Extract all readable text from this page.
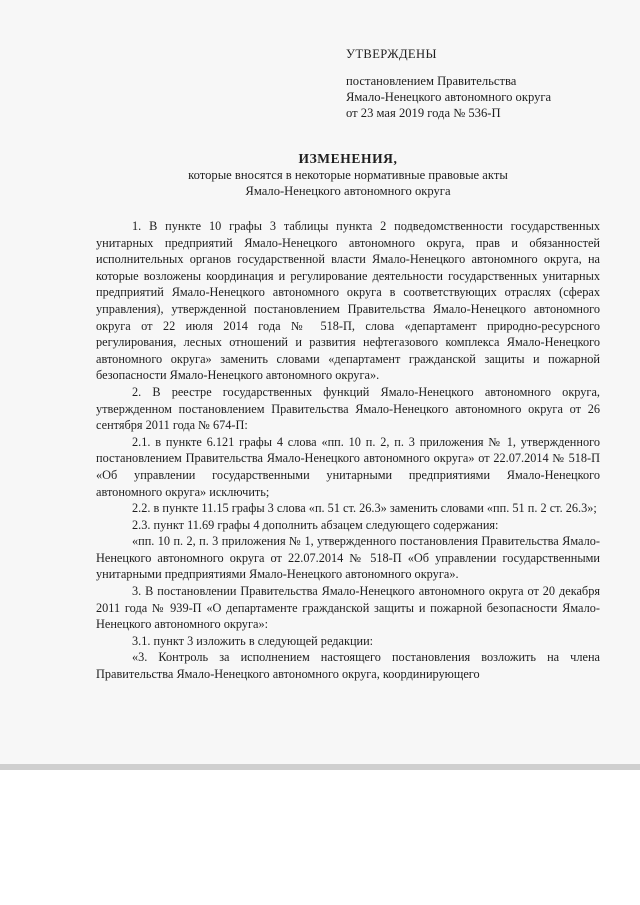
УТВЕРЖДЕНЫ
постановлением Правительства
Ямало-Ненецкого автономного округа
от 23 мая 2019 года № 536-П
ИЗМЕНЕНИЯ,
которые вносятся в некоторые нормативные правовые акты
Ямало-Ненецкого автономного округа

1. В пункте 10 графы 3 таблицы пункта 2 подведомственности государственных унитарных предприятий Ямало-Ненецкого автономного округа, прав и обязанностей исполнительных органов государственной власти Ямало-Ненецкого автономного округа, на которые возложены координация и регулирование деятельности государственных унитарных предприятий Ямало-Ненецкого автономного округа в соответствующих отраслях (сферах управления), утвержденной постановлением Правительства Ямало-Ненецкого автономного округа от 22 июля 2014 года № 518-П, слова «департамент природно-ресурсного регулирования, лесных отношений и развития нефтегазового комплекса Ямало-Ненецкого автономного округа» заменить словами «департамент гражданской защиты и пожарной безопасности Ямало-Ненецкого автономного округа».

2. В реестре государственных функций Ямало-Ненецкого автономного округа, утвержденном постановлением Правительства Ямало-Ненецкого автономного округа от 26 сентября 2011 года № 674-П:

2.1. в пункте 6.121 графы 4 слова «пп. 10 п. 2, п. 3 приложения № 1, утвержденного постановлением Правительства Ямало-Ненецкого автономного округа» от 22.07.2014 № 518-П «Об управлении государственными унитарными предприятиями Ямало-Ненецкого автономного округа» исключить;

2.2. в пункте 11.15 графы 3 слова «п. 51 ст. 26.3» заменить словами «пп. 51 п. 2 ст. 26.3»;

2.3. пункт 11.69 графы 4 дополнить абзацем следующего содержания:

«пп. 10 п. 2, п. 3 приложения № 1, утвержденного постановления Правительства Ямало-Ненецкого автономного округа от 22.07.2014 № 518-П «Об управлении государственными унитарными предприятиями Ямало-Ненецкого автономного округа».

3. В постановлении Правительства Ямало-Ненецкого автономного округа от 20 декабря 2011 года № 939-П «О департаменте гражданской защиты и пожарной безопасности Ямало-Ненецкого автономного округа»:

3.1. пункт 3 изложить в следующей редакции:

«3. Контроль за исполнением настоящего постановления возложить на члена Правительства Ямало-Ненецкого автономного округа, координирующего
